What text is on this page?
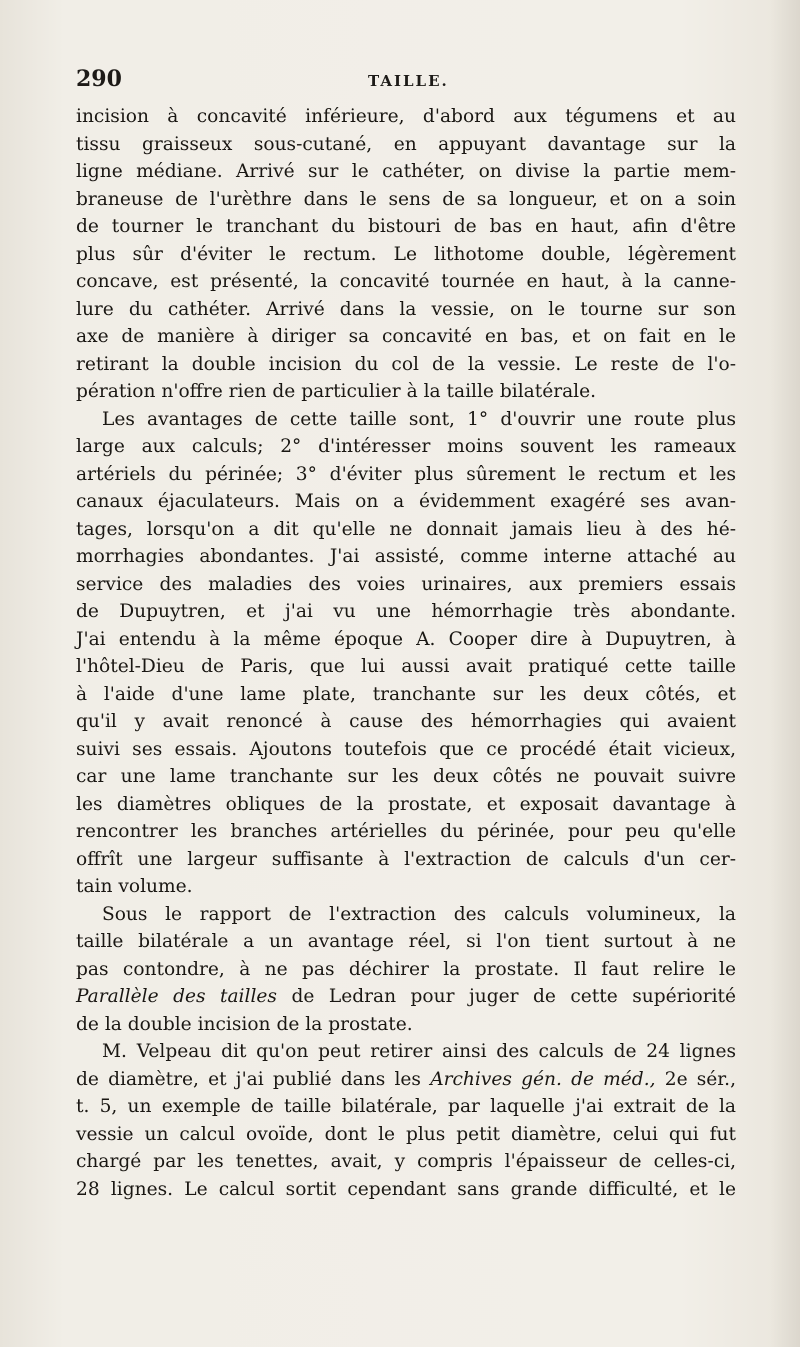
290	TAILLE.
incision à concavité inférieure, d'abord aux tégumens et au
tissu graisseux sous-cutané, en appuyant davantage sur la
ligne médiane. Arrivé sur le cathéter, on divise la partie mem-
braneuse de l'urèthre dans le sens de sa longueur, et on a soin
de tourner le tranchant du bistouri de bas en haut, afin d'être
plus sûr d'éviter le rectum. Le lithotome double, légèrement
concave, est présenté, la concavité tournée en haut, à la canne-
lure du cathéter. Arrivé dans la vessie, on le tourne sur son
axe de manière à diriger sa concavité en bas, et on fait en le
retirant la double incision du col de la vessie. Le reste de l'o-
pération n'offre rien de particulier à la taille bilatérale.
Les avantages de cette taille sont, 1° d'ouvrir une route plus
large aux calculs; 2° d'intéresser moins souvent les rameaux
artériels du périnée; 3° d'éviter plus sûrement le rectum et les
canaux éjaculateurs. Mais on a évidemment exagéré ses avan-
tages, lorsqu'on a dit qu'elle ne donnait jamais lieu à des hé-
morrhagies abondantes. J'ai assisté, comme interne attaché au
service des maladies des voies urinaires, aux premiers essais
de Dupuytren, et j'ai vu une hémorrhagie très abondante.
J'ai entendu à la même époque A. Cooper dire à Dupuytren, à
l'hôtel-Dieu de Paris, que lui aussi avait pratiqué cette taille
à l'aide d'une lame plate, tranchante sur les deux côtés, et
qu'il y avait renoncé à cause des hémorrhagies qui avaient
suivi ses essais. Ajoutons toutefois que ce procédé était vicieux,
car une lame tranchante sur les deux côtés ne pouvait suivre
les diamètres obliques de la prostate, et exposait davantage à
rencontrer les branches artérielles du périnée, pour peu qu'elle
offrît une largeur suffisante à l'extraction de calculs d'un cer-
tain volume.
Sous le rapport de l'extraction des calculs volumineux, la
taille bilatérale a un avantage réel, si l'on tient surtout à ne
pas contondre, à ne pas déchirer la prostate. Il faut relire le
Parallèle des tailles de Ledran pour juger de cette supériorité
de la double incision de la prostate.
M. Velpeau dit qu'on peut retirer ainsi des calculs de 24 lignes
de diamètre, et j'ai publié dans les Archives gén. de méd., 2e sér.,
t. 5, un exemple de taille bilatérale, par laquelle j'ai extrait de la
vessie un calcul ovoïde, dont le plus petit diamètre, celui qui fut
chargé par les tenettes, avait, y compris l'épaisseur de celles-ci,
28 lignes. Le calcul sortit cependant sans grande difficulté, et le
